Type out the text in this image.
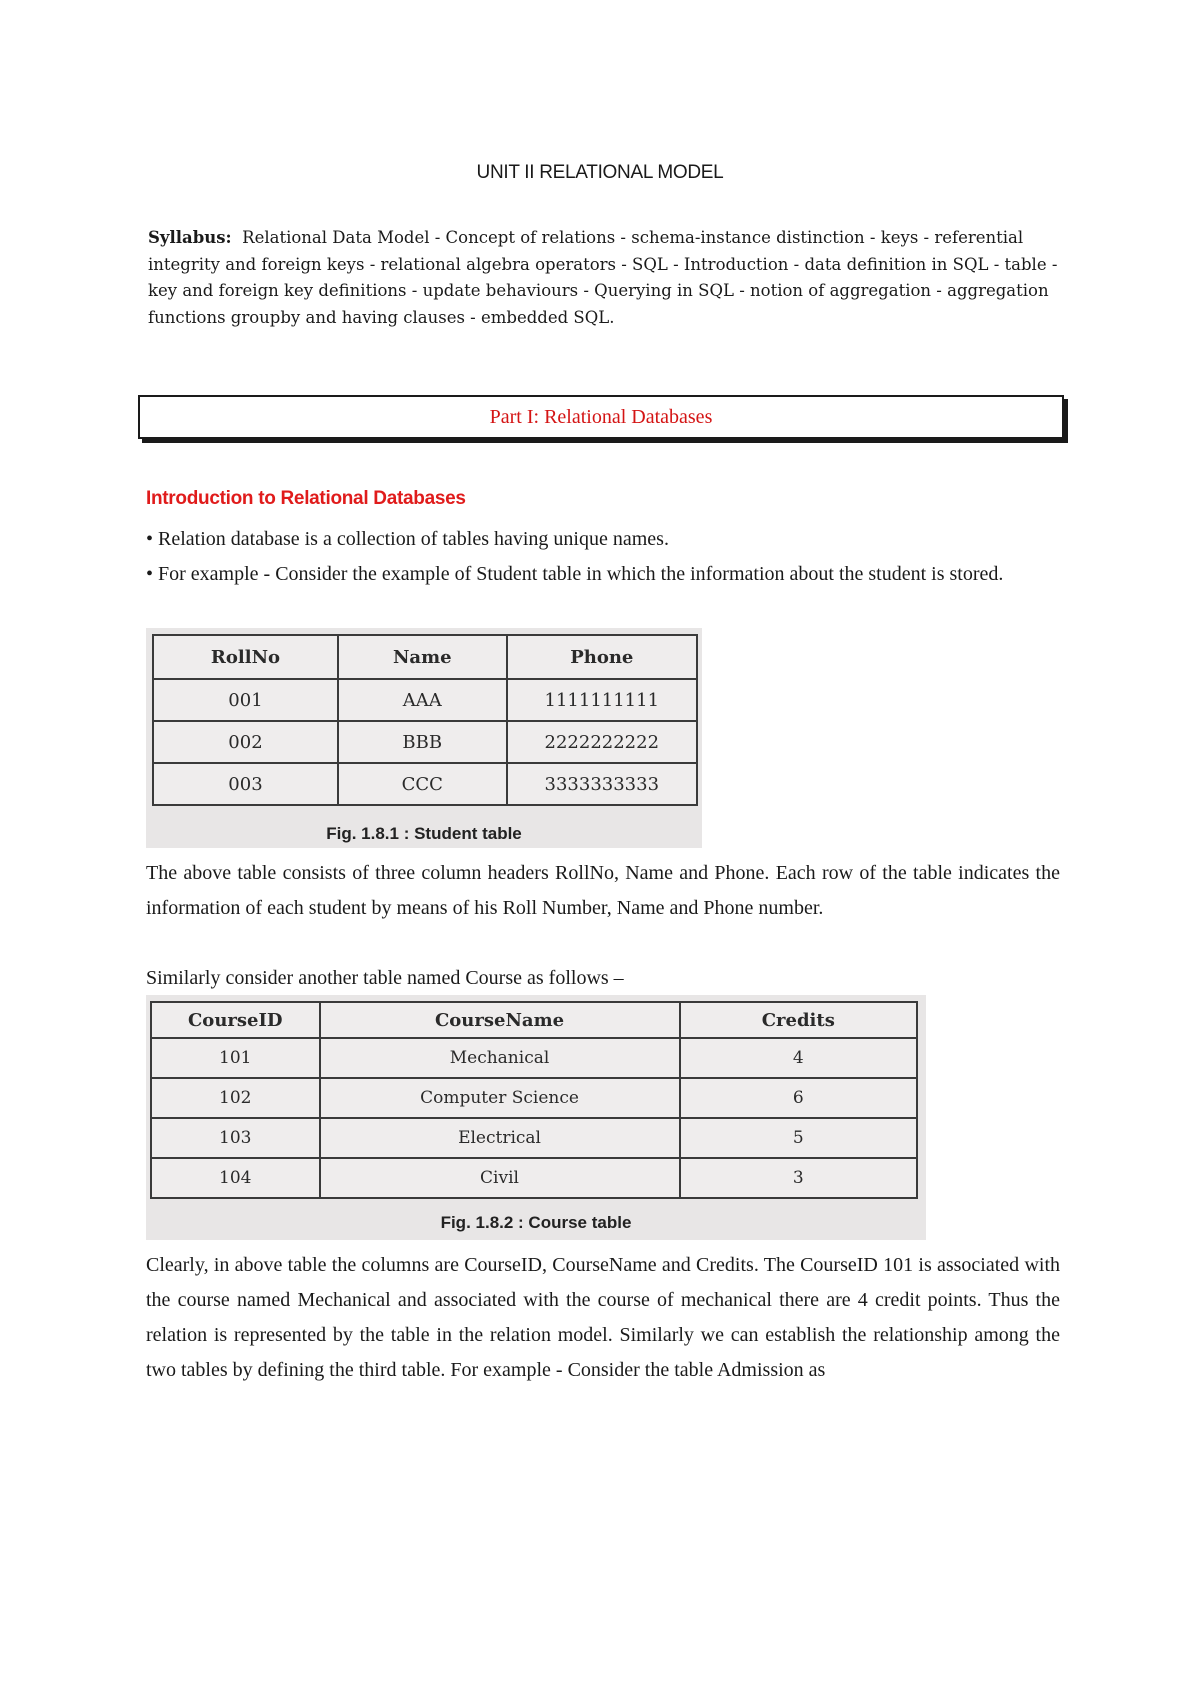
UNIT II RELATIONAL MODEL
Syllabus: Relational Data Model - Concept of relations - schema-instance distinction - keys - referential integrity and foreign keys - relational algebra operators - SQL - Introduction - data definition in SQL - table - key and foreign key definitions - update behaviours - Querying in SQL - notion of aggregation - aggregation functions groupby and having clauses - embedded SQL.
Part I: Relational Databases
Introduction to Relational Databases
• Relation database is a collection of tables having unique names.
• For example - Consider the example of Student table in which the information about the student is stored.
RollNo	Name	Phone
001	AAA	1111111111
002	BBB	2222222222
003	CCC	3333333333
Fig. 1.8.1 : Student table
The above table consists of three column headers RollNo, Name and Phone. Each row of the table indicates the information of each student by means of his Roll Number, Name and Phone number.
Similarly consider another table named Course as follows –
CourseID	CourseName	Credits
101	Mechanical	4
102	Computer Science	6
103	Electrical	5
104	Civil	3
Fig. 1.8.2 : Course table
Clearly, in above table the columns are CourseID, CourseName and Credits. The CourseID 101 is associated with the course named Mechanical and associated with the course of mechanical there are 4 credit points. Thus the relation is represented by the table in the relation model. Similarly we can establish the relationship among the two tables by defining the third table. For example - Consider the table Admission as
